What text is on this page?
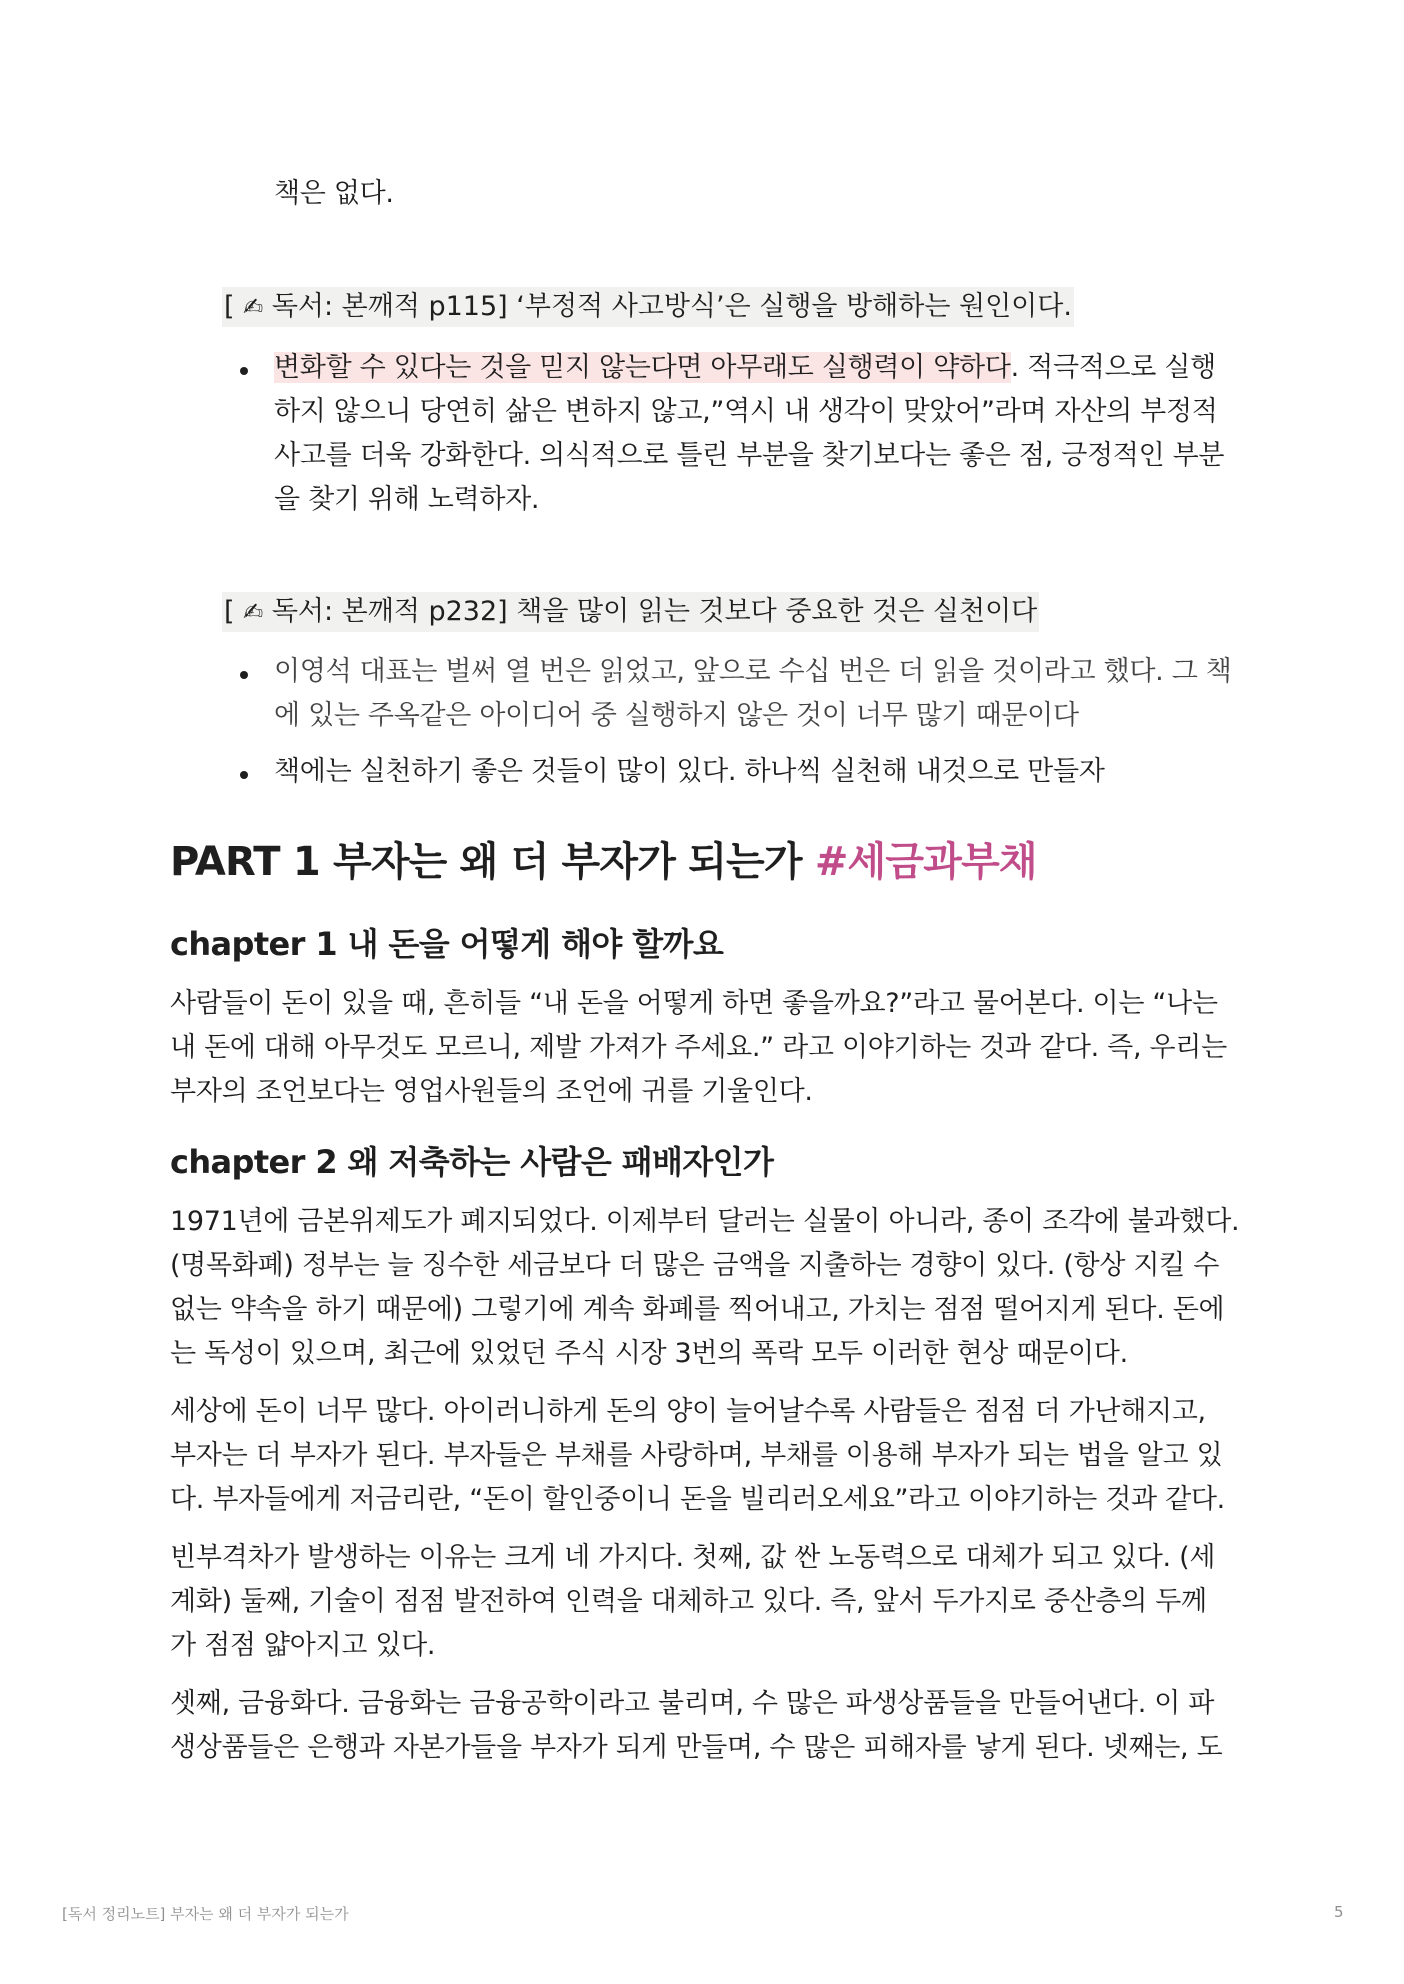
책은 없다.
[ ✍ 독서: 본깨적 p115] ‘부정적 사고방식’은 실행을 방해하는 원인이다.
변화할 수 있다는 것을 믿지 않는다면 아무래도 실행력이 약하다. 적극적으로 실행
하지 않으니 당연히 삶은 변하지 않고,”역시 내 생각이 맞았어”라며 자산의 부정적
사고를 더욱 강화한다. 의식적으로 틀린 부분을 찾기보다는 좋은 점, 긍정적인 부분
을 찾기 위해 노력하자.
[ ✍ 독서: 본깨적 p232] 책을 많이 읽는 것보다 중요한 것은 실천이다
이영석 대표는 벌써 열 번은 읽었고, 앞으로 수십 번은 더 읽을 것이라고 했다. 그 책
에 있는 주옥같은 아이디어 중 실행하지 않은 것이 너무 많기 때문이다
책에는 실천하기 좋은 것들이 많이 있다. 하나씩 실천해 내것으로 만들자
PART 1 부자는 왜 더 부자가 되는가 #세금과부채
chapter 1 내 돈을 어떻게 해야 할까요
사람들이 돈이 있을 때, 흔히들 “내 돈을 어떻게 하면 좋을까요?”라고 물어본다. 이는 “나는
내 돈에 대해 아무것도 모르니, 제발 가져가 주세요.” 라고 이야기하는 것과 같다. 즉, 우리는
부자의 조언보다는 영업사원들의 조언에 귀를 기울인다.
chapter 2 왜 저축하는 사람은 패배자인가
1971년에 금본위제도가 폐지되었다. 이제부터 달러는 실물이 아니라, 종이 조각에 불과했다.
(명목화폐) 정부는 늘 징수한 세금보다 더 많은 금액을 지출하는 경향이 있다. (항상 지킬 수
없는 약속을 하기 때문에) 그렇기에 계속 화폐를 찍어내고, 가치는 점점 떨어지게 된다. 돈에
는 독성이 있으며, 최근에 있었던 주식 시장 3번의 폭락 모두 이러한 현상 때문이다.
세상에 돈이 너무 많다. 아이러니하게 돈의 양이 늘어날수록 사람들은 점점 더 가난해지고,
부자는 더 부자가 된다. 부자들은 부채를 사랑하며, 부채를 이용해 부자가 되는 법을 알고 있
다. 부자들에게 저금리란, “돈이 할인중이니 돈을 빌리러오세요”라고 이야기하는 것과 같다.
빈부격차가 발생하는 이유는 크게 네 가지다. 첫째, 값 싼 노동력으로 대체가 되고 있다. (세
계화) 둘째, 기술이 점점 발전하여 인력을 대체하고 있다. 즉, 앞서 두가지로 중산층의 두께
가 점점 얇아지고 있다.
셋째, 금융화다. 금융화는 금융공학이라고 불리며, 수 많은 파생상품들을 만들어낸다. 이 파
생상품들은 은행과 자본가들을 부자가 되게 만들며, 수 많은 피해자를 낳게 된다. 넷째는, 도
[독서 정리노트] 부자는 왜 더 부자가 되는가	5
